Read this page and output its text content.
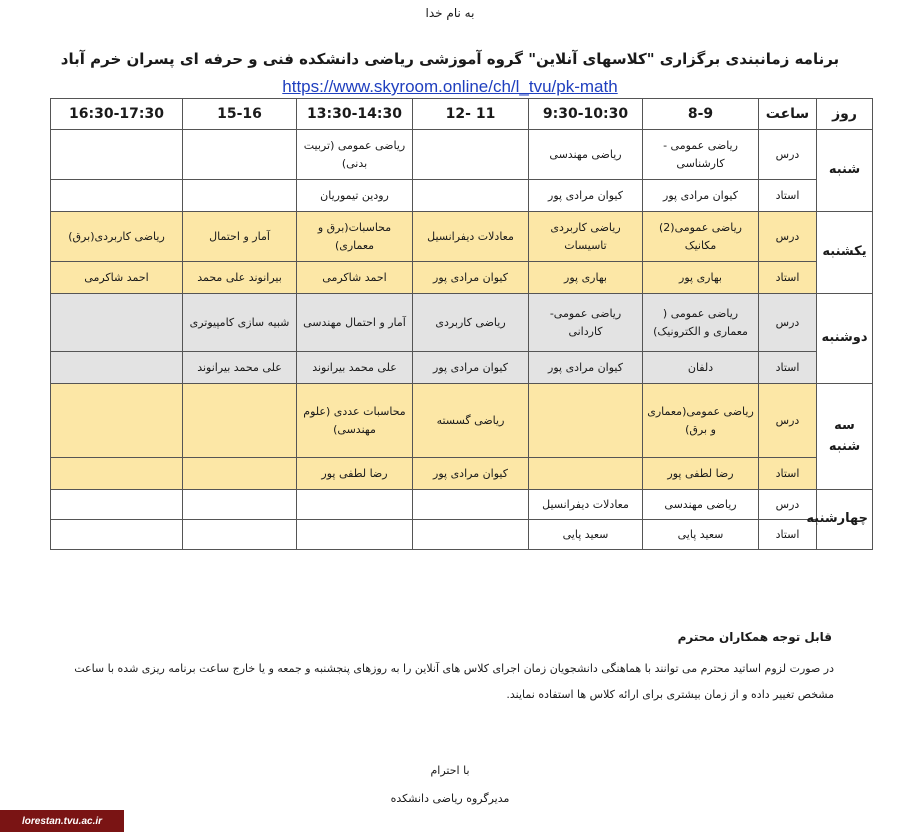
به نام خدا
برنامه زمانبندی برگزاری "کلاسهای آنلاین" گروه آموزشی ریاضی دانشکده فنی و حرفه ای پسران خرم آباد
https://www.skyroom.online/ch/l_tvu/pk-math
روز	ساعت	8-9	9:30-10:30	11 -12	13:30-14:30	15-16	16:30-17:30
شنبه	درس	ریاضی عمومی - کارشناسی	ریاضی مهندسی		ریاضی عمومی (تربیت بدنی)		
	استاد	کیوان مرادی پور	کیوان مرادی پور		رودین تیموریان		
یکشنبه	درس	ریاضی عمومی(2) مکانیک	ریاضی کاربردی تاسیسات	معادلات دیفرانسیل	محاسبات(برق و معماری)	آمار و احتمال	ریاضی کاربردی(برق)
	استاد	بهاری پور	بهاری پور	کیوان مرادی پور	احمد شاکرمی	بیرانوند علی محمد	احمد شاکرمی
دوشنبه	درس	ریاضی عمومی ( معماری و الکترونیک)	ریاضی عمومی- کاردانی	ریاضی کاربردی	آمار و احتمال مهندسی	شبیه سازی کامپیوتری	
	استاد	دلفان	کیوان مرادی پور	کیوان مرادی پور	علی محمد بیرانوند	علی محمد بیرانوند	
سه شنبه	درس	ریاضی عمومی(معماری و برق)		ریاضی گسسته	محاسبات عددی (علوم مهندسی)		
	استاد	رضا لطفی پور		کیوان مرادی پور	رضا لطفی پور		
چهارشنبه	درس	ریاضی مهندسی	معادلات دیفرانسیل				
	استاد	سعید پایی	سعید پایی				
قابل توجه همکاران محترم
در صورت لزوم اساتید محترم می توانند با هماهنگی دانشجویان زمان اجرای کلاس های آنلاین را به روزهای پنجشنبه و جمعه و یا خارج ساعت برنامه ریزی شده با ساعت مشخص تغییر داده و از زمان بیشتری برای ارائه کلاس ها استفاده نمایند.
با احترام
مدیرگروه ریاضی دانشکده
lorestan.tvu.ac.ir
